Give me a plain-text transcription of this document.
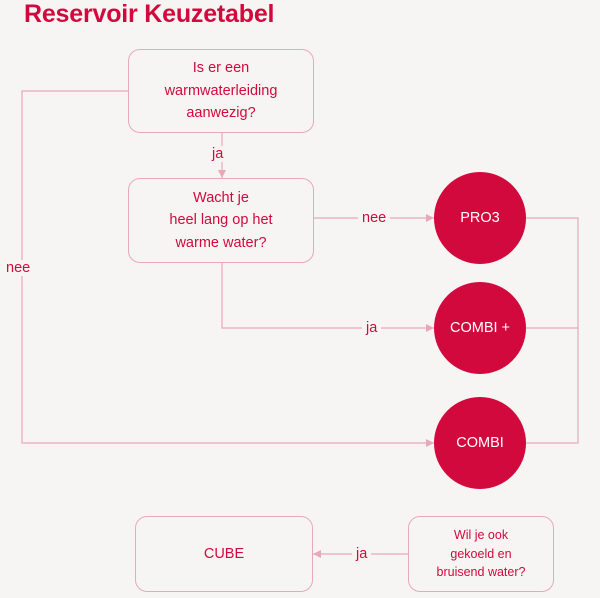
Reservoir Keuzetabel
Is er een
warmwaterleiding
aanwezig?
Wacht je
heel lang op het
warme water?
PRO3
COMBI +
COMBI
CUBE
Wil je ook
gekoeld en
bruisend water?
ja
nee
nee
ja
ja
